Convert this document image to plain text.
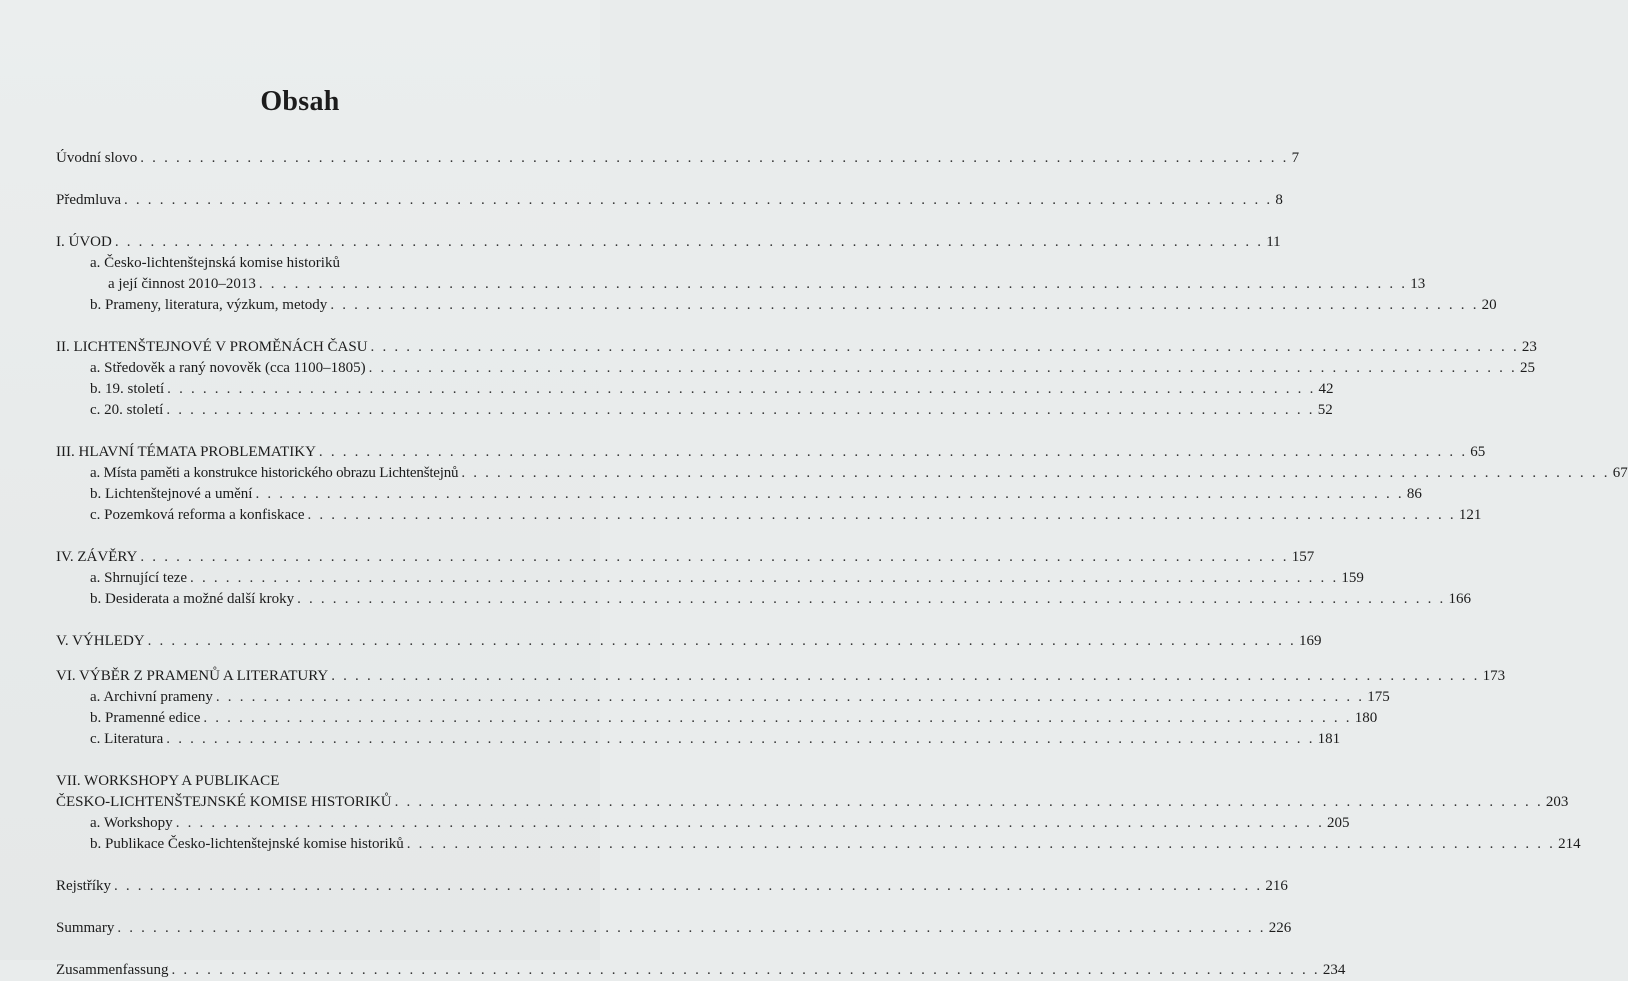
Obsah
Úvodní slovo . . . . . . . . . . . . . . . . . . . . . . . . . . . . . . . . . . . . . . . . . . . . . . . . . . . . . . . . . . . . . . . . . . . . . . . . . . . . . . . . . . . . . . . . . . . . . . . . . 7
Předmluva . . . . . . . . . . . . . . . . . . . . . . . . . . . . . . . . . . . . . . . . . . . . . . . . . . . . . . . . . . . . . . . . . . . . . . . . . . . . . . . . . . . . . . . . . . . . . . . . . 8
I. ÚVOD . . . . . . . . . . . . . . . . . . . . . . . . . . . . . . . . . . . . . . . . . . . . . . . . . . . . . . . . . . . . . . . . . . . . . . . . . . . . . . . . . . . . . . . . . . . . . . . . . 11
a. Česko-lichtenštejnská komise historiků
a její činnost 2010–2013 . . . . . . . . . . . . . . . . . . . . . . . . . . . . . . . . . . . . . . . . . . . . . . . . . . . . . . . . . . . . . . . . . . . . . . . . . . . . . . . . . . . . . . . . . . . . . . . . . 13
b. Prameny, literatura, výzkum, metody . . . . . . . . . . . . . . . . . . . . . . . . . . . . . . . . . . . . . . . . . . . . . . . . . . . . . . . . . . . . . . . . . . . . . . . . . . . . . . . . . . . . . . . . . . . . . . . . . 20
II. LICHTENŠTEJNOVÉ V PROMĚNÁCH ČASU . . . . . . . . . . . . . . . . . . . . . . . . . . . . . . . . . . . . . . . . . . . . . . . . . . . . . . . . . . . . . . . . . . . . . . . . . . . . . . . . . . . . . . . . . . . . . . . . . 23
a. Středověk a raný novověk (cca 1100–1805) . . . . . . . . . . . . . . . . . . . . . . . . . . . . . . . . . . . . . . . . . . . . . . . . . . . . . . . . . . . . . . . . . . . . . . . . . . . . . . . . . . . . . . . . . . . . . . . . . 25
b. 19. století . . . . . . . . . . . . . . . . . . . . . . . . . . . . . . . . . . . . . . . . . . . . . . . . . . . . . . . . . . . . . . . . . . . . . . . . . . . . . . . . . . . . . . . . . . . . . . . . . 42
c. 20. století . . . . . . . . . . . . . . . . . . . . . . . . . . . . . . . . . . . . . . . . . . . . . . . . . . . . . . . . . . . . . . . . . . . . . . . . . . . . . . . . . . . . . . . . . . . . . . . . . 52
III. HLAVNÍ TÉMATA PROBLEMATIKY . . . . . . . . . . . . . . . . . . . . . . . . . . . . . . . . . . . . . . . . . . . . . . . . . . . . . . . . . . . . . . . . . . . . . . . . . . . . . . . . . . . . . . . . . . . . . . . . . 65
a. Místa paměti a konstrukce historického obrazu Lichtenštejnů . . . . . . . . . . . . . . . . . . . . . . . . . . . . . . . . . . . . . . . . . . . . . . . . . . . . . . . . . . . . . . . . . . . . . . . . . . . . . . . . . . . . . . . . . . . . . . . . . 67
b. Lichtenštejnové a umění . . . . . . . . . . . . . . . . . . . . . . . . . . . . . . . . . . . . . . . . . . . . . . . . . . . . . . . . . . . . . . . . . . . . . . . . . . . . . . . . . . . . . . . . . . . . . . . . . 86
c. Pozemková reforma a konfiskace . . . . . . . . . . . . . . . . . . . . . . . . . . . . . . . . . . . . . . . . . . . . . . . . . . . . . . . . . . . . . . . . . . . . . . . . . . . . . . . . . . . . . . . . . . . . . . . . . 121
IV. ZÁVĚRY . . . . . . . . . . . . . . . . . . . . . . . . . . . . . . . . . . . . . . . . . . . . . . . . . . . . . . . . . . . . . . . . . . . . . . . . . . . . . . . . . . . . . . . . . . . . . . . . . 157
a. Shrnující teze . . . . . . . . . . . . . . . . . . . . . . . . . . . . . . . . . . . . . . . . . . . . . . . . . . . . . . . . . . . . . . . . . . . . . . . . . . . . . . . . . . . . . . . . . . . . . . . . . 159
b. Desiderata a možné další kroky . . . . . . . . . . . . . . . . . . . . . . . . . . . . . . . . . . . . . . . . . . . . . . . . . . . . . . . . . . . . . . . . . . . . . . . . . . . . . . . . . . . . . . . . . . . . . . . . . 166
V. VÝHLEDY . . . . . . . . . . . . . . . . . . . . . . . . . . . . . . . . . . . . . . . . . . . . . . . . . . . . . . . . . . . . . . . . . . . . . . . . . . . . . . . . . . . . . . . . . . . . . . . . . 169
VI. VÝBĚR Z PRAMENŮ A LITERATURY . . . . . . . . . . . . . . . . . . . . . . . . . . . . . . . . . . . . . . . . . . . . . . . . . . . . . . . . . . . . . . . . . . . . . . . . . . . . . . . . . . . . . . . . . . . . . . . . . 173
a. Archivní prameny . . . . . . . . . . . . . . . . . . . . . . . . . . . . . . . . . . . . . . . . . . . . . . . . . . . . . . . . . . . . . . . . . . . . . . . . . . . . . . . . . . . . . . . . . . . . . . . . . 175
b. Pramenné edice . . . . . . . . . . . . . . . . . . . . . . . . . . . . . . . . . . . . . . . . . . . . . . . . . . . . . . . . . . . . . . . . . . . . . . . . . . . . . . . . . . . . . . . . . . . . . . . . . 180
c. Literatura . . . . . . . . . . . . . . . . . . . . . . . . . . . . . . . . . . . . . . . . . . . . . . . . . . . . . . . . . . . . . . . . . . . . . . . . . . . . . . . . . . . . . . . . . . . . . . . . . 181
VII. WORKSHOPY A PUBLIKACE
ČESKO-LICHTENŠTEJNSKÉ KOMISE HISTORIKŮ . . . . . . . . . . . . . . . . . . . . . . . . . . . . . . . . . . . . . . . . . . . . . . . . . . . . . . . . . . . . . . . . . . . . . . . . . . . . . . . . . . . . . . . . . . . . . . . . . 203
a. Workshopy . . . . . . . . . . . . . . . . . . . . . . . . . . . . . . . . . . . . . . . . . . . . . . . . . . . . . . . . . . . . . . . . . . . . . . . . . . . . . . . . . . . . . . . . . . . . . . . . . 205
b. Publikace Česko-lichtenštejnské komise historiků . . . . . . . . . . . . . . . . . . . . . . . . . . . . . . . . . . . . . . . . . . . . . . . . . . . . . . . . . . . . . . . . . . . . . . . . . . . . . . . . . . . . . . . . . . . . . . . . . 214
Rejstříky . . . . . . . . . . . . . . . . . . . . . . . . . . . . . . . . . . . . . . . . . . . . . . . . . . . . . . . . . . . . . . . . . . . . . . . . . . . . . . . . . . . . . . . . . . . . . . . . . 216
Summary . . . . . . . . . . . . . . . . . . . . . . . . . . . . . . . . . . . . . . . . . . . . . . . . . . . . . . . . . . . . . . . . . . . . . . . . . . . . . . . . . . . . . . . . . . . . . . . . . 226
Zusammenfassung . . . . . . . . . . . . . . . . . . . . . . . . . . . . . . . . . . . . . . . . . . . . . . . . . . . . . . . . . . . . . . . . . . . . . . . . . . . . . . . . . . . . . . . . . . . . . . . . . 234
